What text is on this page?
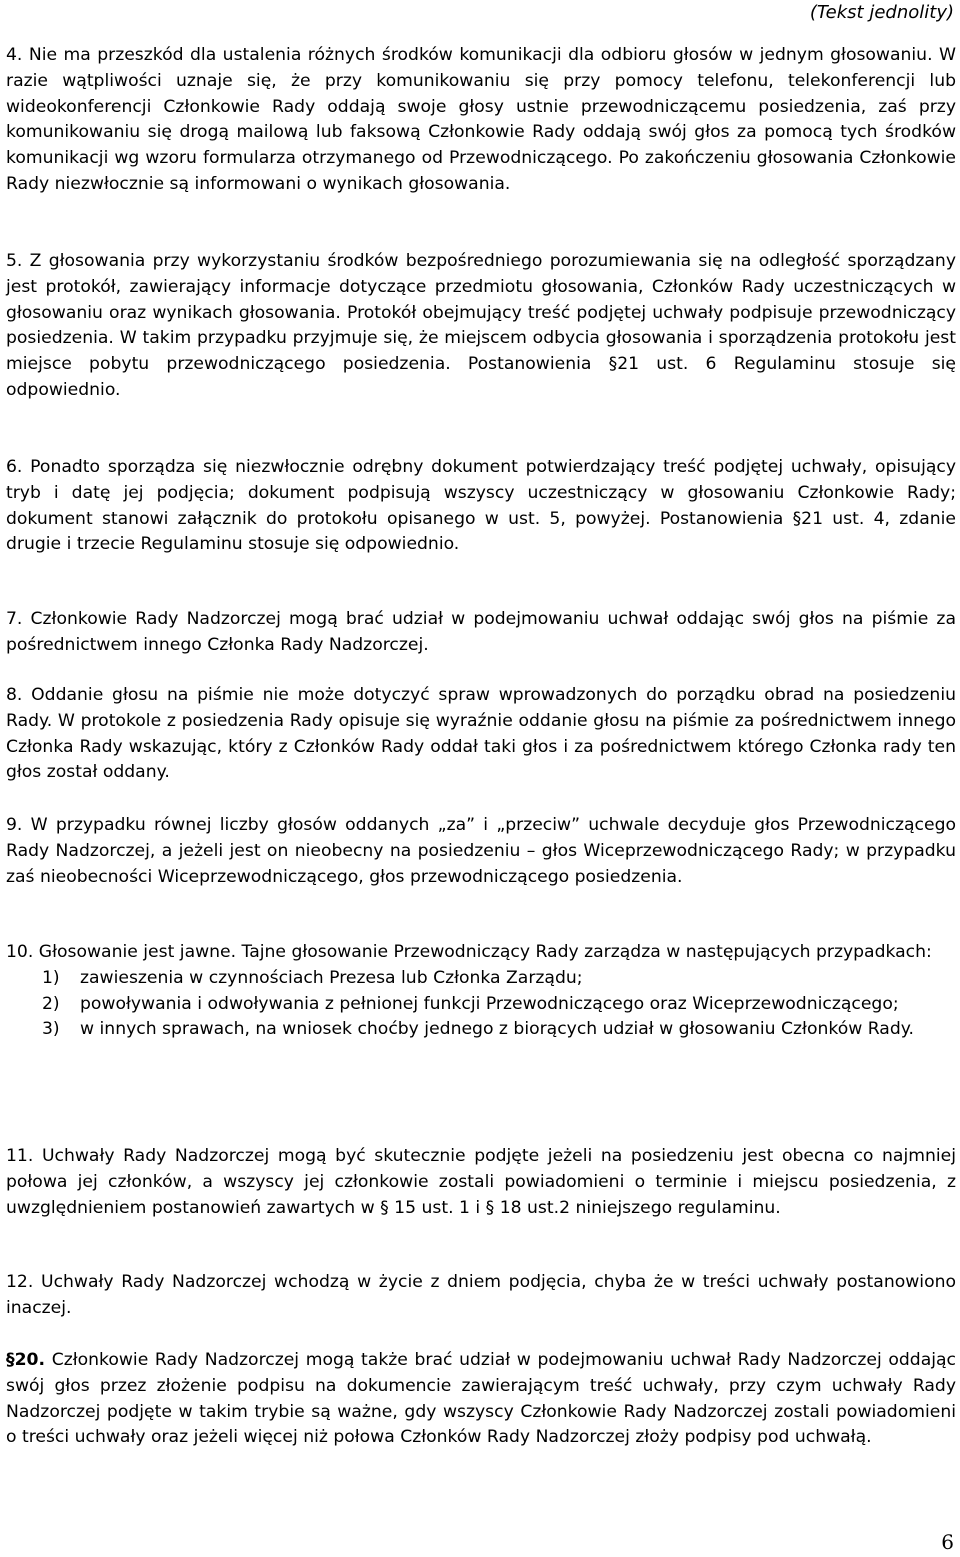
(Tekst jednolity)

4. Nie ma przeszkód dla ustalenia różnych środków komunikacji dla odbioru głosów w jednym głosowaniu. W razie wątpliwości uznaje się, że przy komunikowaniu się przy pomocy telefonu, telekonferencji lub wideokonferencji Członkowie Rady oddają swoje głosy ustnie przewodniczącemu posiedzenia, zaś przy komunikowaniu się drogą mailową lub faksową Członkowie Rady oddają swój głos za pomocą tych środków komunikacji wg wzoru formularza otrzymanego od Przewodniczącego. Po zakończeniu głosowania Członkowie Rady niezwłocznie są informowani o wynikach głosowania.

5. Z głosowania przy wykorzystaniu środków bezpośredniego porozumiewania się na odległość sporządzany jest protokół, zawierający informacje dotyczące przedmiotu głosowania, Członków Rady uczestniczących w głosowaniu oraz wynikach głosowania. Protokół obejmujący treść podjętej uchwały podpisuje przewodniczący posiedzenia. W takim przypadku przyjmuje się, że miejscem odbycia głosowania i sporządzenia protokołu jest miejsce pobytu przewodniczącego posiedzenia. Postanowienia §21 ust. 6 Regulaminu stosuje się odpowiednio.

6. Ponadto sporządza się niezwłocznie odrębny dokument potwierdzający treść podjętej uchwały, opisujący tryb i datę jej podjęcia; dokument podpisują wszyscy uczestniczący w głosowaniu Członkowie Rady; dokument stanowi załącznik do protokołu opisanego w ust. 5, powyżej. Postanowienia §21 ust. 4, zdanie drugie i trzecie Regulaminu stosuje się odpowiednio.

7. Członkowie Rady Nadzorczej mogą brać udział w podejmowaniu uchwał oddając swój głos na piśmie za pośrednictwem innego Członka Rady Nadzorczej.

8. Oddanie głosu na piśmie nie może dotyczyć spraw wprowadzonych do porządku obrad na posiedzeniu Rady. W protokole z posiedzenia Rady opisuje się wyraźnie oddanie głosu na piśmie za pośrednictwem innego Członka Rady wskazując, który z Członków Rady oddał taki głos i za pośrednictwem którego Członka rady ten głos został oddany.

9. W przypadku równej liczby głosów oddanych „za” i „przeciw” uchwale decyduje głos Przewodniczącego Rady Nadzorczej, a jeżeli jest on nieobecny na posiedzeniu – głos Wiceprzewodniczącego Rady; w przypadku zaś nieobecności Wiceprzewodniczącego, głos przewodniczącego posiedzenia.

10. Głosowanie jest jawne. Tajne głosowanie Przewodniczący Rady zarządza w następujących przypadkach:

1) zawieszenia w czynnościach Prezesa lub Członka Zarządu;
2) powoływania i odwoływania z pełnionej funkcji Przewodniczącego oraz Wiceprzewodniczącego;
3) w innych sprawach, na wniosek choćby jednego z biorących udział w głosowaniu Członków Rady.

11. Uchwały Rady Nadzorczej mogą być skutecznie podjęte jeżeli na posiedzeniu jest obecna co najmniej połowa jej członków, a wszyscy jej członkowie zostali powiadomieni o terminie i miejscu posiedzenia, z uwzględnieniem postanowień zawartych w § 15 ust. 1 i § 18 ust.2 niniejszego regulaminu.

12. Uchwały Rady Nadzorczej wchodzą w życie z dniem podjęcia, chyba że w treści uchwały postanowiono inaczej.

§20. Członkowie Rady Nadzorczej mogą także brać udział w podejmowaniu uchwał Rady Nadzorczej oddając swój głos przez złożenie podpisu na dokumencie zawierającym treść uchwały, przy czym uchwały Rady Nadzorczej podjęte w takim trybie są ważne, gdy wszyscy Członkowie Rady Nadzorczej zostali powiadomieni o treści uchwały oraz jeżeli więcej niż połowa Członków Rady Nadzorczej złoży podpisy pod uchwałą.

6
